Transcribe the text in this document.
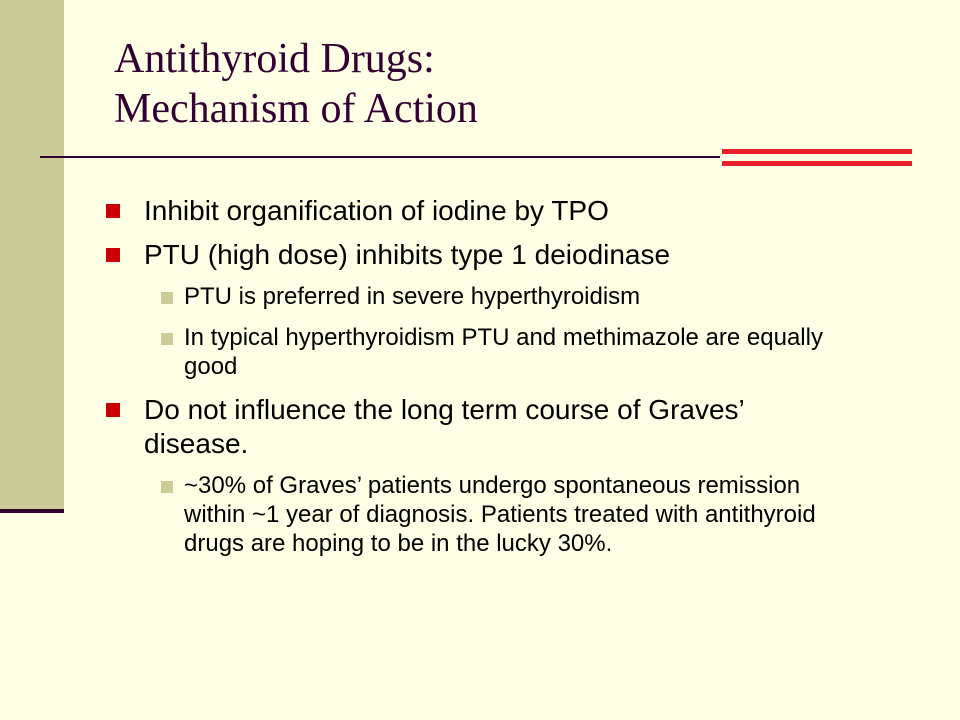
Antithyroid Drugs:
Mechanism of Action
Inhibit organification of iodine by TPO
PTU (high dose) inhibits type 1 deiodinase
PTU is preferred in severe hyperthyroidism
In typical hyperthyroidism PTU and methimazole are equally good
Do not influence the long term course of Graves’ disease.
~30% of Graves’ patients undergo spontaneous remission within ~1 year of diagnosis. Patients treated with antithyroid drugs are hoping to be in the lucky 30%.
